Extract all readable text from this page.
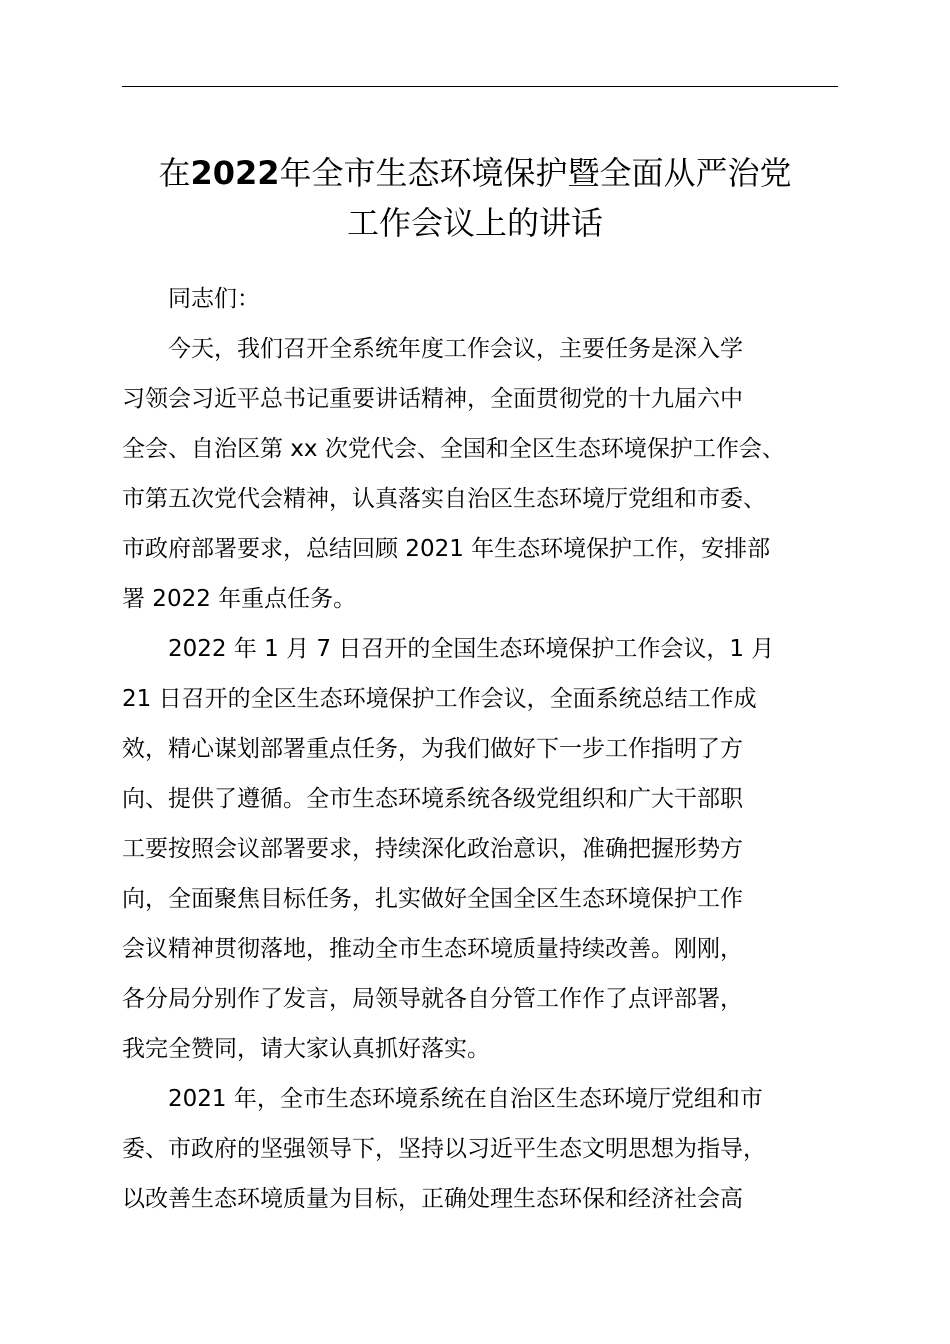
在2022年全市生态环境保护暨全面从严治党
工作会议上的讲话

同志们：

今天，我们召开全系统年度工作会议，主要任务是深入学
习领会习近平总书记重要讲话精神，全面贯彻党的十九届六中
全会、自治区第 xx 次党代会、全国和全区生态环境保护工作会、
市第五次党代会精神，认真落实自治区生态环境厅党组和市委、
市政府部署要求，总结回顾 2021 年生态环境保护工作，安排部
署 2022 年重点任务。

2022 年 1 月 7 日召开的全国生态环境保护工作会议，1 月
21 日召开的全区生态环境保护工作会议，全面系统总结工作成
效，精心谋划部署重点任务，为我们做好下一步工作指明了方
向、提供了遵循。全市生态环境系统各级党组织和广大干部职
工要按照会议部署要求，持续深化政治意识，准确把握形势方
向，全面聚焦目标任务，扎实做好全国全区生态环境保护工作
会议精神贯彻落地，推动全市生态环境质量持续改善。刚刚，
各分局分别作了发言，局领导就各自分管工作作了点评部署，
我完全赞同，请大家认真抓好落实。

2021 年，全市生态环境系统在自治区生态环境厅党组和市
委、市政府的坚强领导下，坚持以习近平生态文明思想为指导，
以改善生态环境质量为目标，正确处理生态环保和经济社会高
